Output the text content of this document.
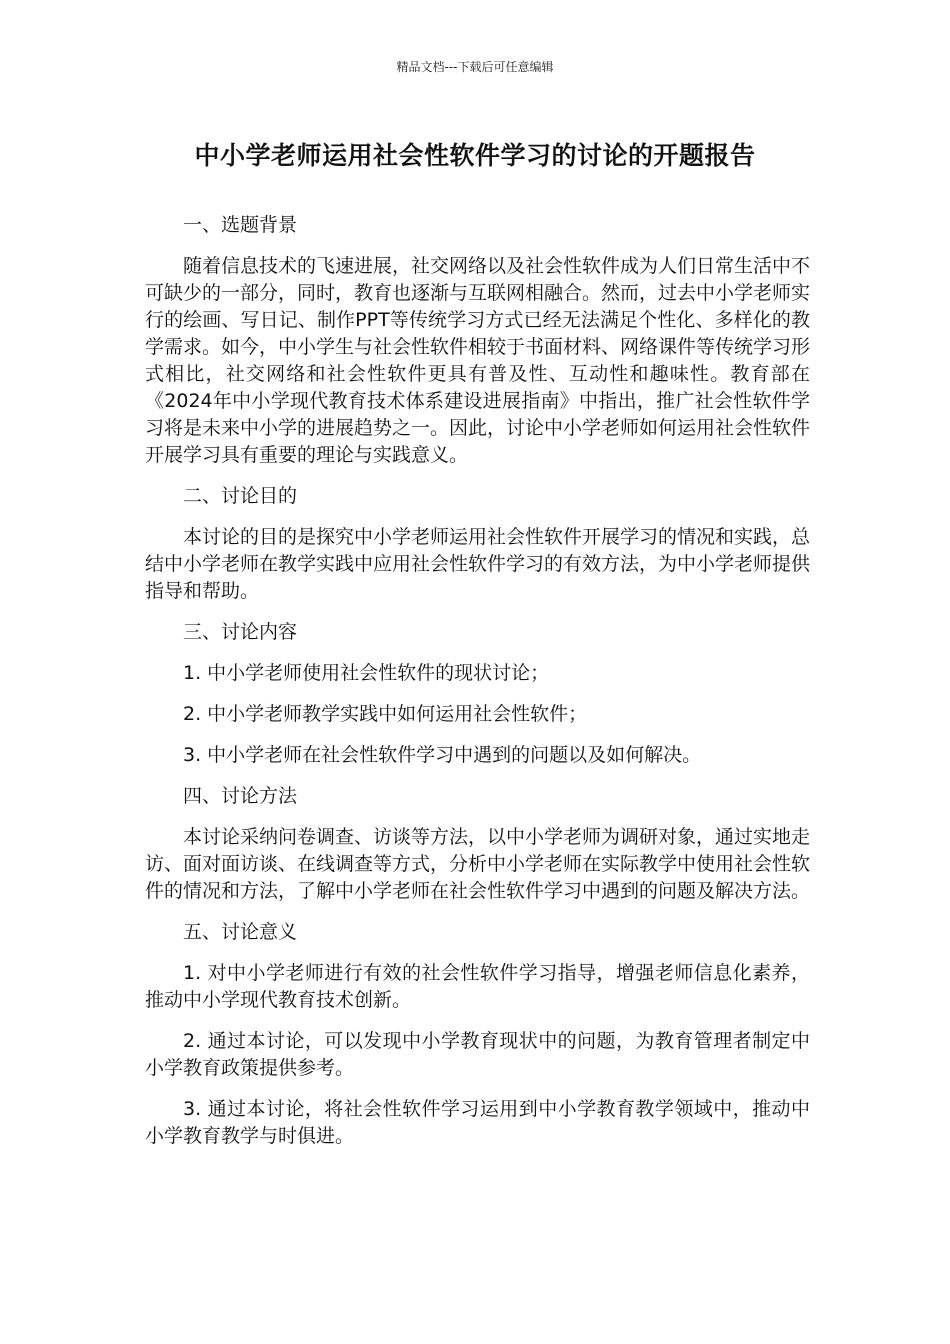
精品文档---下载后可任意编辑
中小学老师运用社会性软件学习的讨论的开题报告

一、选题背景

随着信息技术的飞速进展，社交网络以及社会性软件成为人们日常生活中不可缺少的一部分，同时，教育也逐渐与互联网相融合。然而，过去中小学老师实行的绘画、写日记、制作PPT等传统学习方式已经无法满足个性化、多样化的教学需求。如今，中小学生与社会性软件相较于书面材料、网络课件等传统学习形式相比，社交网络和社会性软件更具有普及性、互动性和趣味性。教育部在《2024年中小学现代教育技术体系建设进展指南》中指出，推广社会性软件学习将是未来中小学的进展趋势之一。因此，讨论中小学老师如何运用社会性软件开展学习具有重要的理论与实践意义。

二、讨论目的

本讨论的目的是探究中小学老师运用社会性软件开展学习的情况和实践，总结中小学老师在教学实践中应用社会性软件学习的有效方法，为中小学老师提供指导和帮助。

三、讨论内容

1. 中小学老师使用社会性软件的现状讨论；

2. 中小学老师教学实践中如何运用社会性软件；

3. 中小学老师在社会性软件学习中遇到的问题以及如何解决。

四、讨论方法

本讨论采纳问卷调查、访谈等方法，以中小学老师为调研对象，通过实地走访、面对面访谈、在线调查等方式，分析中小学老师在实际教学中使用社会性软件的情况和方法，了解中小学老师在社会性软件学习中遇到的问题及解决方法。

五、讨论意义

1. 对中小学老师进行有效的社会性软件学习指导，增强老师信息化素养，推动中小学现代教育技术创新。

2. 通过本讨论，可以发现中小学教育现状中的问题，为教育管理者制定中小学教育政策提供参考。

3. 通过本讨论，将社会性软件学习运用到中小学教育教学领域中，推动中小学教育教学与时俱进。
